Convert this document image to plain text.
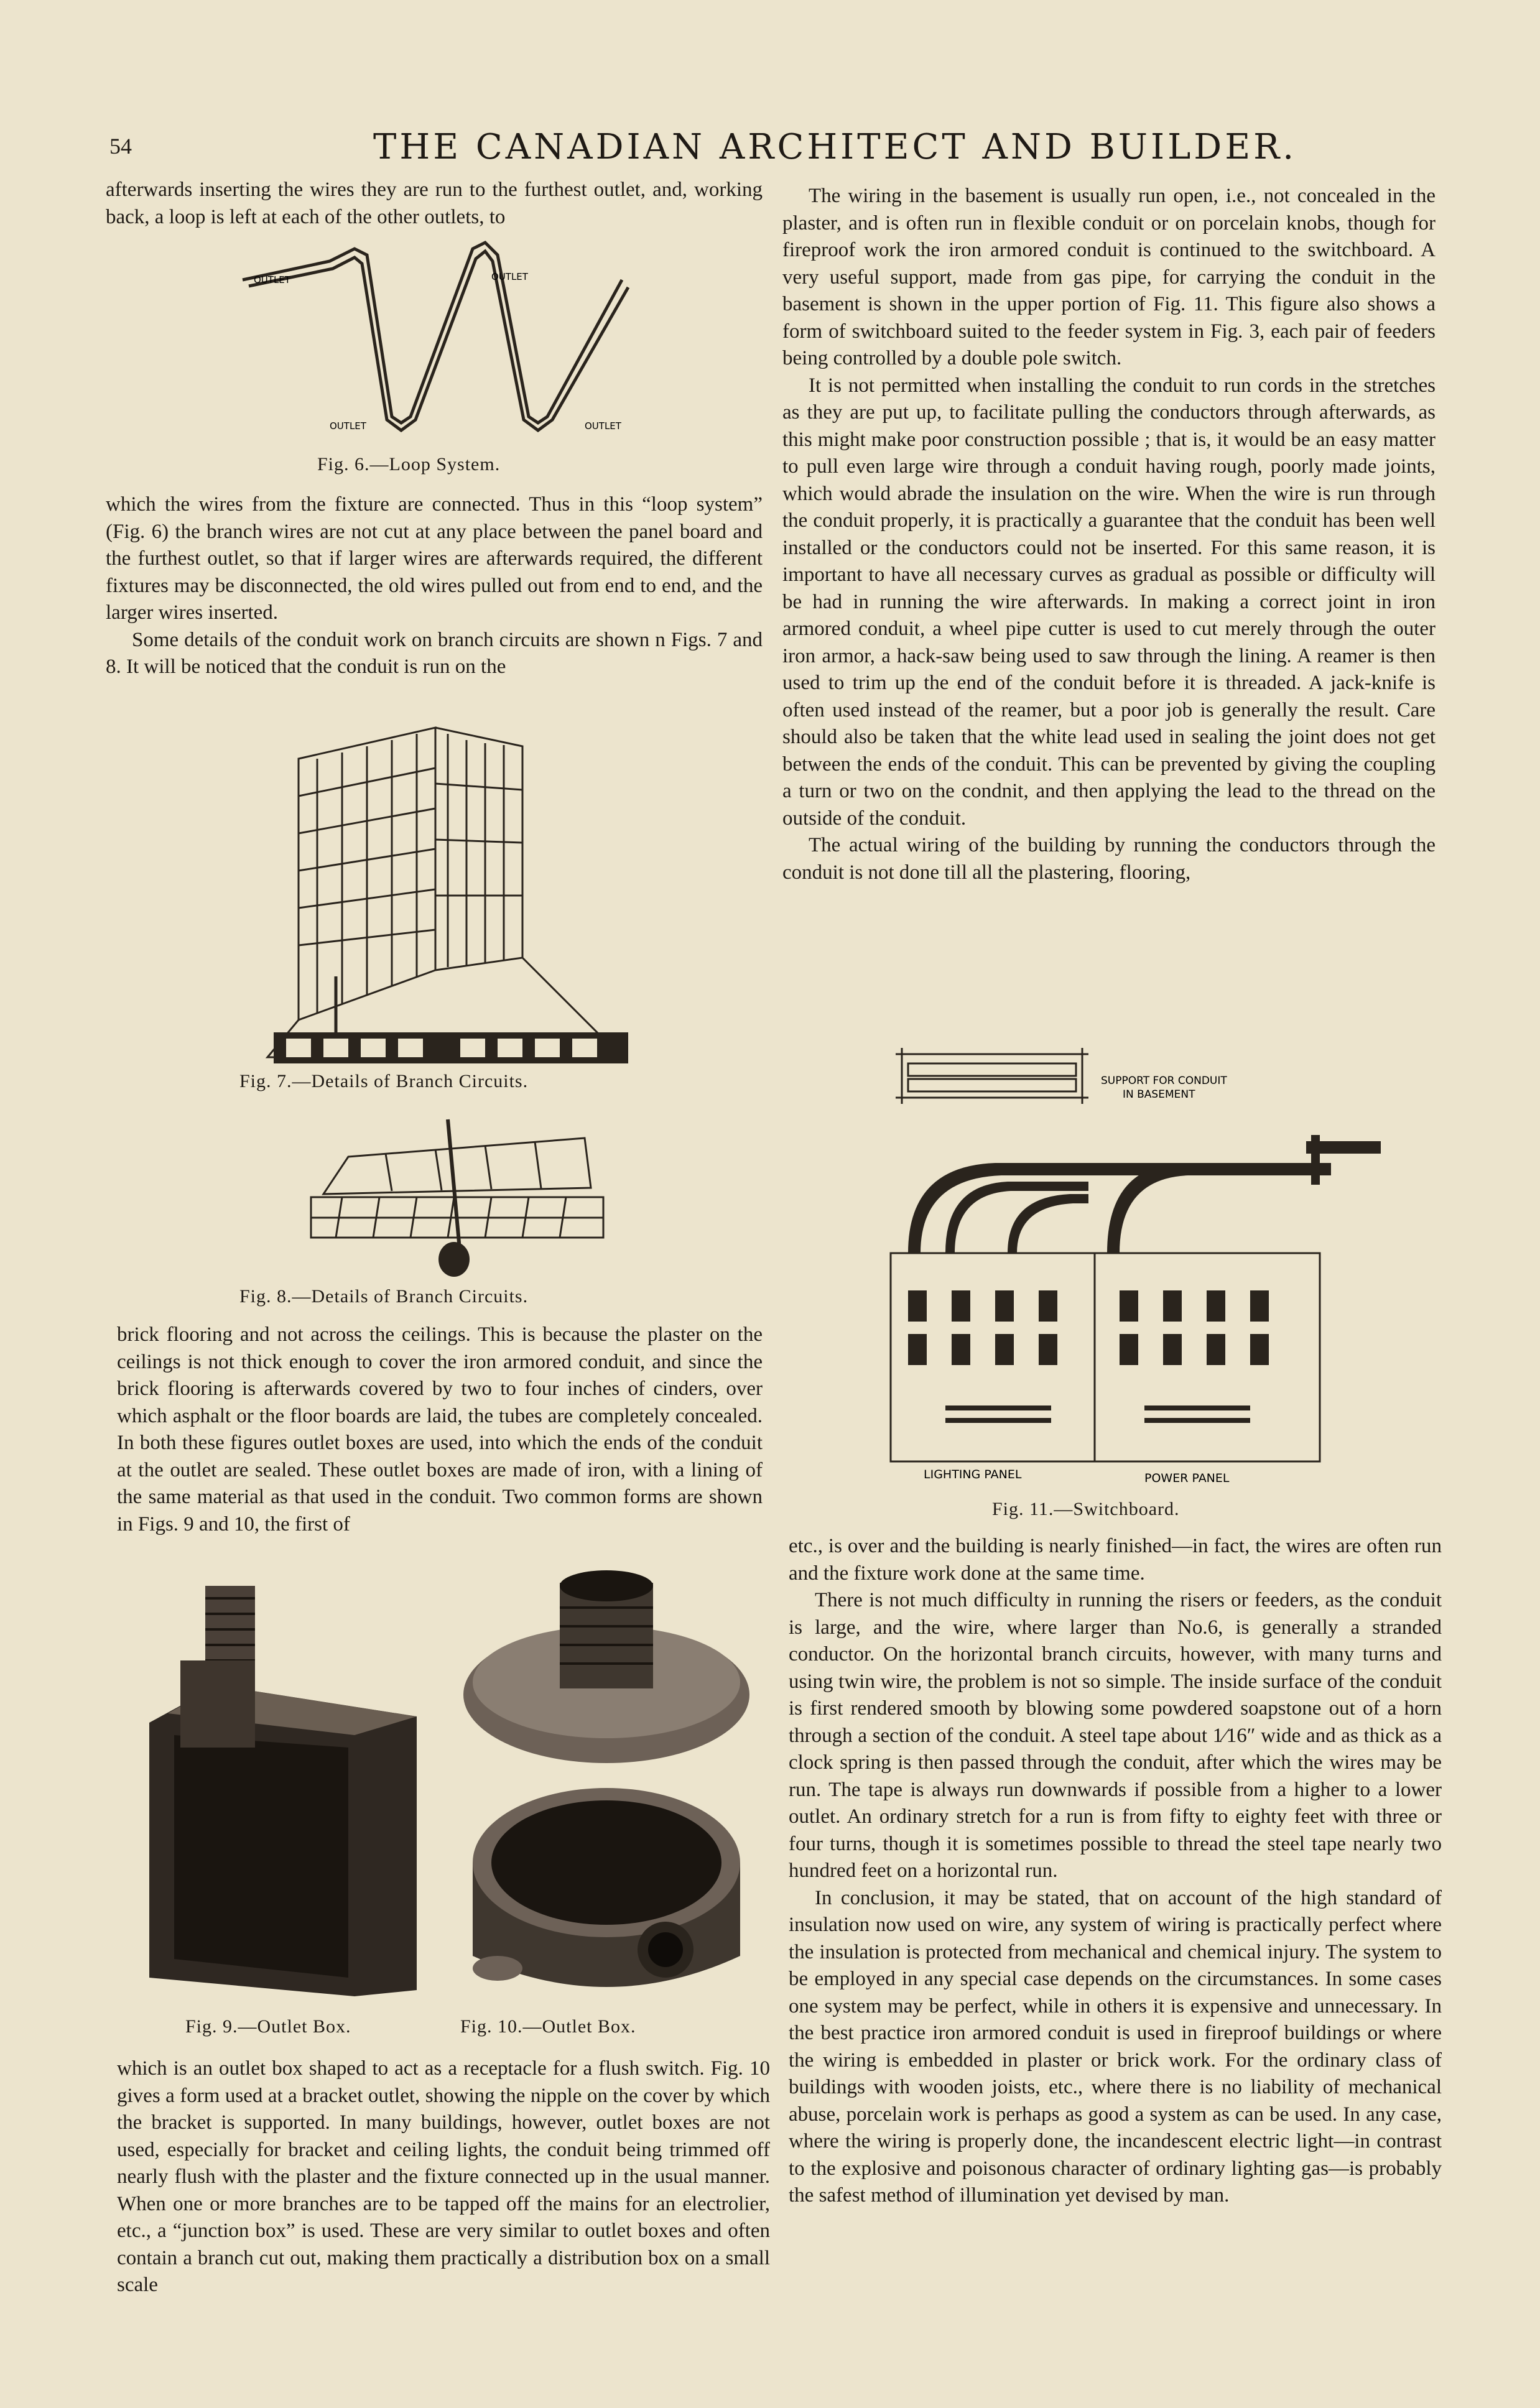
54	THE CANADIAN ARCHITECT AND BUILDER.

afterwards inserting the wires they are run to the furthest outlet, and, working back, a loop is left at each of the other outlets, to

OUTLET	OUTLET
OUTLET	OUTLET
Fig. 6.—Loop System.

which the wires from the fixture are connected. Thus in this “loop system” (Fig. 6) the branch wires are not cut at any place between the panel board and the furthest outlet, so that if larger wires are afterwards required, the different fixtures may be disconnected, the old wires pulled out from end to end, and the larger wires inserted.

Some details of the conduit work on branch circuits are shown n Figs. 7 and 8. It will be noticed that the conduit is run on the

Fig. 7.—Details of Branch Circuits.
Fig. 8.—Details of Branch Circuits.

brick flooring and not across the ceilings. This is because the plaster on the ceilings is not thick enough to cover the iron armored conduit, and since the brick flooring is afterwards covered by two to four inches of cinders, over which asphalt or the floor boards are laid, the tubes are completely concealed. In both these figures outlet boxes are used, into which the ends of the conduit at the outlet are sealed. These outlet boxes are made of iron, with a lining of the same material as that used in the conduit. Two common forms are shown in Figs. 9 and 10, the first of

Fig. 9.—Outlet Box.	Fig. 10.—Outlet Box.

which is an outlet box shaped to act as a receptacle for a flush switch. Fig. 10 gives a form used at a bracket outlet, showing the nipple on the cover by which the bracket is supported. In many buildings, however, outlet boxes are not used, especially for bracket and ceiling lights, the conduit being trimmed off nearly flush with the plaster and the fixture connected up in the usual manner. When one or more branches are to be tapped off the mains for an electrolier, etc., a “junction box” is used. These are very similar to outlet boxes and often contain a branch cut out, making them practically a distribution box on a small scale

The wiring in the basement is usually run open, i.e., not concealed in the plaster, and is often run in flexible conduit or on porcelain knobs, though for fireproof work the iron armored conduit is continued to the switchboard. A very useful support, made from gas pipe, for carrying the conduit in the basement is shown in the upper portion of Fig. 11. This figure also shows a form of switchboard suited to the feeder system in Fig. 3, each pair of feeders being controlled by a double pole switch.

It is not permitted when installing the conduit to run cords in the stretches as they are put up, to facilitate pulling the conductors through afterwards, as this might make poor construction possible ; that is, it would be an easy matter to pull even large wire through a conduit having rough, poorly made joints, which would abrade the insulation on the wire. When the wire is run through the conduit properly, it is practically a guarantee that the conduit has been well installed or the conductors could not be inserted. For this same reason, it is important to have all necessary curves as gradual as possible or difficulty will be had in running the wire afterwards. In making a correct joint in iron armored conduit, a wheel pipe cutter is used to cut merely through the outer iron armor, a hack-saw being used to saw through the lining. A reamer is then used to trim up the end of the conduit before it is threaded. A jack-knife is often used instead of the reamer, but a poor job is generally the result. Care should also be taken that the white lead used in sealing the joint does not get between the ends of the conduit. This can be prevented by giving the coupling a turn or two on the condnit, and then applying the lead to the thread on the outside of the conduit.

The actual wiring of the building by running the conductors through the conduit is not done till all the plastering, flooring,

SUPPORT FOR CONDUIT
IN BASEMENT
LIGHTING PANEL	POWER PANEL
Fig. 11.—Switchboard.

etc., is over and the building is nearly finished—in fact, the wires are often run and the fixture work done at the same time.

There is not much difficulty in running the risers or feeders, as the conduit is large, and the wire, where larger than No.6, is generally a stranded conductor. On the horizontal branch circuits, however, with many turns and using twin wire, the problem is not so simple. The inside surface of the conduit is first rendered smooth by blowing some powdered soapstone out of a horn through a section of the conduit. A steel tape about 1⁄16″ wide and as thick as a clock spring is then passed through the conduit, after which the wires may be run. The tape is always run downwards if possible from a higher to a lower outlet. An ordinary stretch for a run is from fifty to eighty feet with three or four turns, though it is sometimes possible to thread the steel tape nearly two hundred feet on a horizontal run.

In conclusion, it may be stated, that on account of the high standard of insulation now used on wire, any system of wiring is practically perfect where the insulation is protected from mechanical and chemical injury. The system to be employed in any special case depends on the circumstances. In some cases one system may be perfect, while in others it is expensive and unnecessary. In the best practice iron armored conduit is used in fireproof buildings or where the wiring is embedded in plaster or brick work. For the ordinary class of buildings with wooden joists, etc., where there is no liability of mechanical abuse, porcelain work is perhaps as good a system as can be used. In any case, where the wiring is properly done, the incandescent electric light—in contrast to the explosive and poisonous character of ordinary lighting gas—is probably the safest method of illumination yet devised by man.
